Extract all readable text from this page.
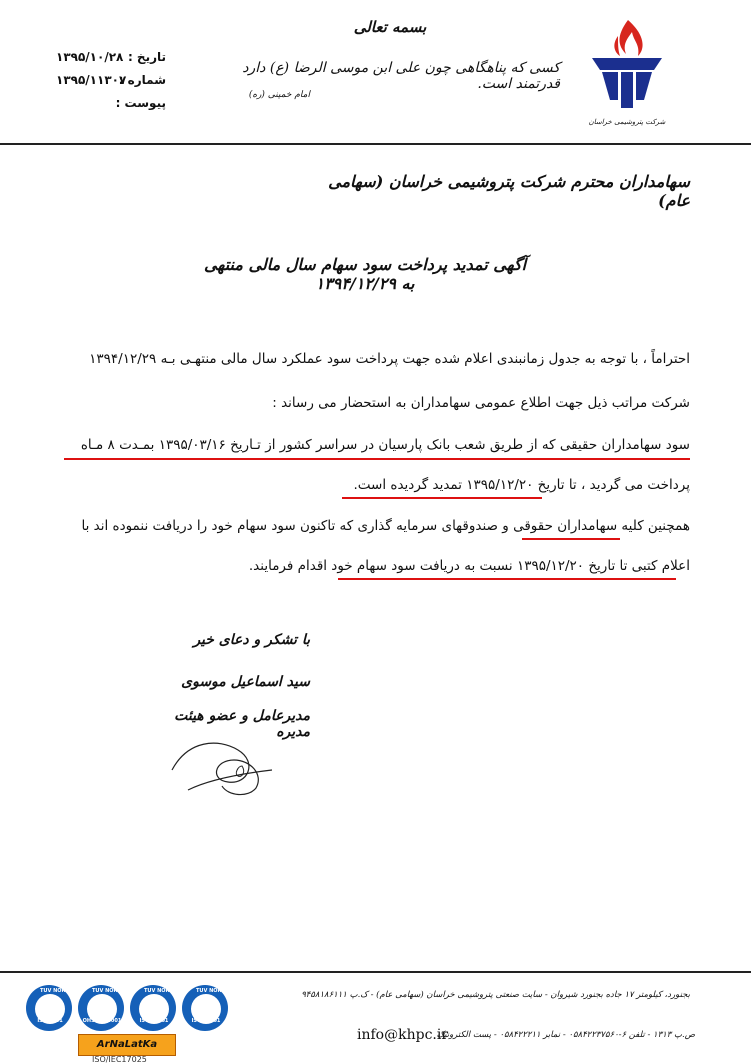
بسمه تعالی
کسی که پناهگاهی چون علی ابن موسی الرضا (ع) دارد قدرتمند است.
امام خمینی (ره)
تاریخ :
۱۳۹۵/۱۰/۲۸
شماره :
۱۳۹۵/۱۱۳۰۷
پیوست :
شرکت پتروشیمی خراسان
سهامداران محترم شرکت پتروشیمی خراسان (سهامی عام)
آگهی تمدید پرداخت سود سهام سال مالی منتهی به ۱۳۹۴/۱۲/۲۹
احتراماً ، با توجه به جدول زمانبندی اعلام شده جهت پرداخت سود عملکرد سال مالی منتهـی بـه ۱۳۹۴/۱۲/۲۹
شرکت مراتب ذیل جهت اطلاع عمومی سهامداران به استحضار می رساند :
سود سهامداران حقیقی که از طریق شعب بانک پارسیان در سراسر کشور از تـاریخ ۱۳۹۵/۰۳/۱۶ بمـدت ۸ مـاه
پرداخت می گردید ، تا تاریخ ۱۳۹۵/۱۲/۲۰ تمدید گردیده است.
همچنین کلیه سهامداران حقوقی و صندوقهای سرمایه گذاری که تاکنون سود سهام خود را دریافت ننموده اند با
اعلام کتبی تا تاریخ ۱۳۹۵/۱۲/۲۰ نسبت به دریافت سود سهام خود اقدام فرمایند.
با تشکر و دعای خیر
سید اسماعیل موسوی
مدیرعامل و عضو هیئت مدیره
بجنورد، کیلومتر ۱۷ جاده بجنورد شیروان - سایت صنعتی پتروشیمی خراسان (سهامی عام) - ک.پ ۹۴۵۸۱۸۶۱۱۱
ص.پ ۱۳۱۳ - تلفن ۶-۰۵۸۴۲۲۳۷۵۶۰ - نمابر ۰۵۸۴۲۲۲۱۱ - پست الکترونیک
info@khpc.ir
TUV NORD
ISO 9001
TUV NORD
OHSAS 18001
TUV NORD
ISO 14001
TUV NORD
ISO 50001
ArNaLatKa
ISO/IEC17025
